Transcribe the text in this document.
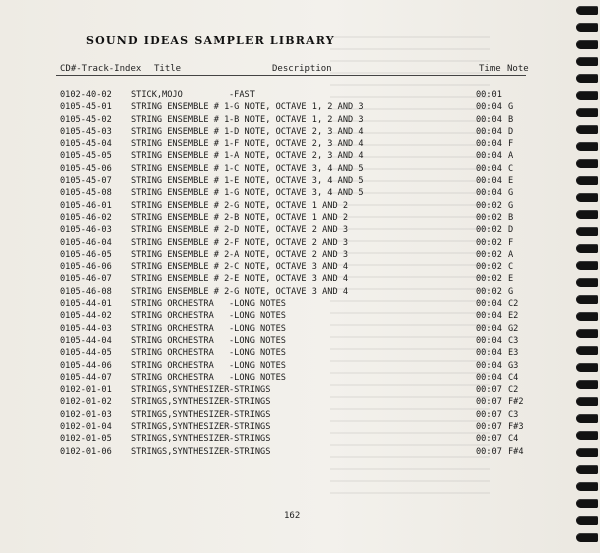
SOUND IDEAS SAMPLER LIBRARY
CD#-Track-Index Title	Description	Time Note
0102-40-02 STICK,MOJO	-FAST	00:01
0105-45-01 STRING ENSEMBLE # 1 -G NOTE, OCTAVE 1, 2 AND 3	00:04 G
0105-45-02 STRING ENSEMBLE # 1 -B NOTE, OCTAVE 1, 2 AND 3	00:04 B
0105-45-03 STRING ENSEMBLE # 1 -D NOTE, OCTAVE 2, 3 AND 4	00:04 D
0105-45-04 STRING ENSEMBLE # 1 -F NOTE, OCTAVE 2, 3 AND 4	00:04 F
0105-45-05 STRING ENSEMBLE # 1 -A NOTE, OCTAVE 2, 3 AND 4	00:04 A
0105-45-06 STRING ENSEMBLE # 1 -C NOTE, OCTAVE 3, 4 AND 5	00:04 C
0105-45-07 STRING ENSEMBLE # 1 -E NOTE, OCTAVE 3, 4 AND 5	00:04 E
0105-45-08 STRING ENSEMBLE # 1 -G NOTE, OCTAVE 3, 4 AND 5	00:04 G
0105-46-01 STRING ENSEMBLE # 2 -G NOTE, OCTAVE 1 AND 2	00:02 G
0105-46-02 STRING ENSEMBLE # 2 -B NOTE, OCTAVE 1 AND 2	00:02 B
0105-46-03 STRING ENSEMBLE # 2 -D NOTE, OCTAVE 2 AND 3	00:02 D
0105-46-04 STRING ENSEMBLE # 2 -F NOTE, OCTAVE 2 AND 3	00:02 F
0105-46-05 STRING ENSEMBLE # 2 -A NOTE, OCTAVE 2 AND 3	00:02 A
0105-46-06 STRING ENSEMBLE # 2 -C NOTE, OCTAVE 3 AND 4	00:02 C
0105-46-07 STRING ENSEMBLE # 2 -E NOTE, OCTAVE 3 AND 4	00:02 E
0105-46-08 STRING ENSEMBLE # 2 -G NOTE, OCTAVE 3 AND 4	00:02 G
0105-44-01 STRING ORCHESTRA -LONG NOTES	00:04 C2
0105-44-02 STRING ORCHESTRA -LONG NOTES	00:04 E2
0105-44-03 STRING ORCHESTRA -LONG NOTES	00:04 G2
0105-44-04 STRING ORCHESTRA -LONG NOTES	00:04 C3
0105-44-05 STRING ORCHESTRA -LONG NOTES	00:04 E3
0105-44-06 STRING ORCHESTRA -LONG NOTES	00:04 G3
0105-44-07 STRING ORCHESTRA -LONG NOTES	00:04 C4
0102-01-01 STRINGS,SYNTHESIZER -STRINGS	00:07 C2
0102-01-02 STRINGS,SYNTHESIZER -STRINGS	00:07 F#2
0102-01-03 STRINGS,SYNTHESIZER -STRINGS	00:07 C3
0102-01-04 STRINGS,SYNTHESIZER -STRINGS	00:07 F#3
0102-01-05 STRINGS,SYNTHESIZER -STRINGS	00:07 C4
0102-01-06 STRINGS,SYNTHESIZER -STRINGS	00:07 F#4
162
